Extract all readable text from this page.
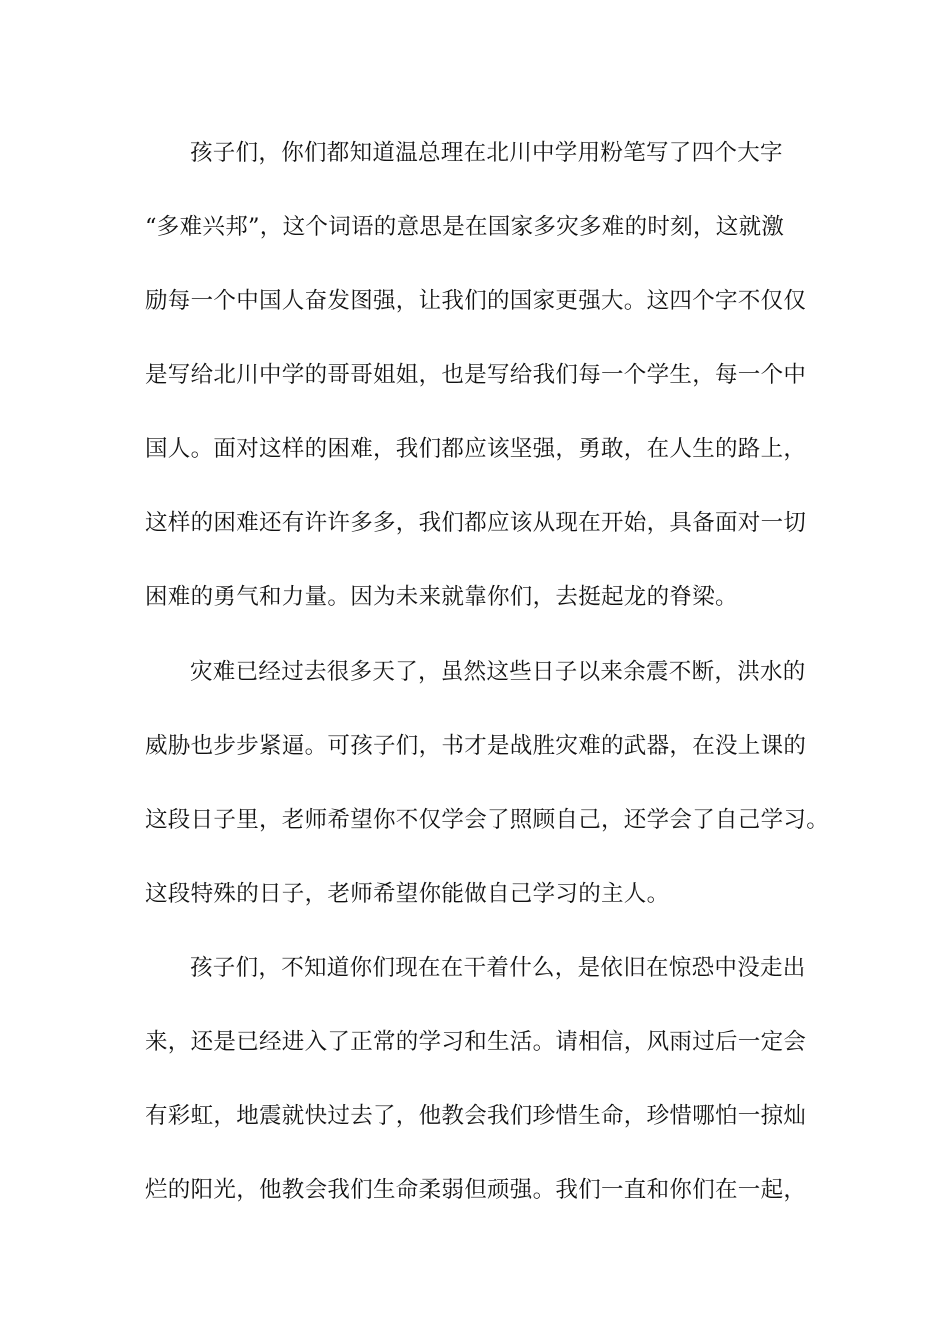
孩子们，你们都知道温总理在北川中学用粉笔写了四个大字
“多难兴邦”，这个词语的意思是在国家多灾多难的时刻，这就激
励每一个中国人奋发图强，让我们的国家更强大。这四个字不仅仅
是写给北川中学的哥哥姐姐，也是写给我们每一个学生，每一个中
国人。面对这样的困难，我们都应该坚强，勇敢，在人生的路上，
这样的困难还有许许多多，我们都应该从现在开始，具备面对一切
困难的勇气和力量。因为未来就靠你们，去挺起龙的脊梁。
灾难已经过去很多天了，虽然这些日子以来余震不断，洪水的
威胁也步步紧逼。可孩子们，书才是战胜灾难的武器，在没上课的
这段日子里，老师希望你不仅学会了照顾自己，还学会了自己学习。
这段特殊的日子，老师希望你能做自己学习的主人。
孩子们，不知道你们现在在干着什么，是依旧在惊恐中没走出
来，还是已经进入了正常的学习和生活。请相信，风雨过后一定会
有彩虹，地震就快过去了，他教会我们珍惜生命，珍惜哪怕一掠灿
烂的阳光，他教会我们生命柔弱但顽强。我们一直和你们在一起，
